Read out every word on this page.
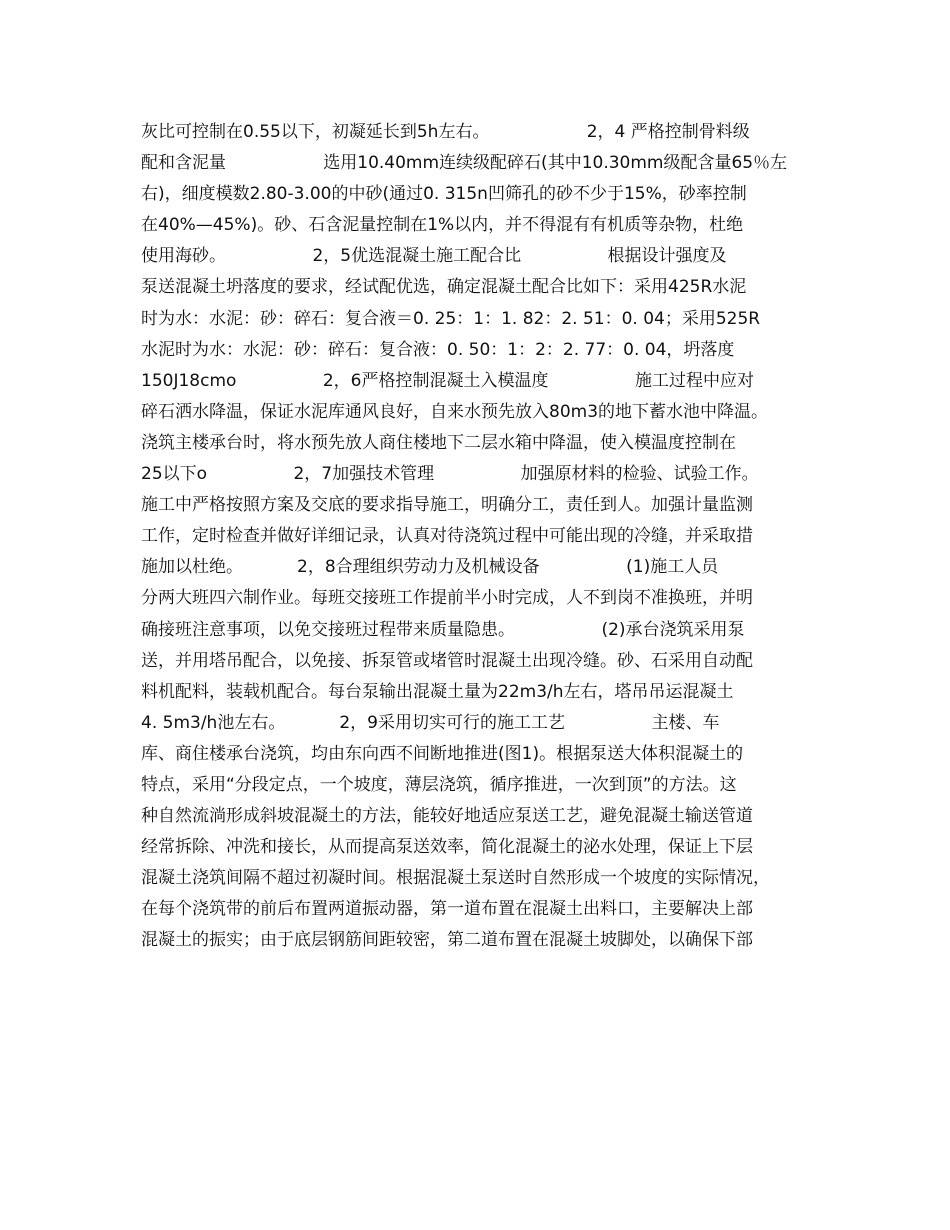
灰比可控制在0.55以下，初凝延长到5h左右。                  2，4 严格控制骨料级
配和含泥量                  选用10.40mm连续级配碎石(其中10.30mm级配含量65％左
右)，细度模数2.80-3.00的中砂(通过0. 315n凹筛孔的砂不少于15%，砂率控制
在40%—45%)。砂、石含泥量控制在1%以内，并不得混有有机质等杂物，杜绝
使用海砂。                2，5优选混凝土施工配合比                根据设计强度及
泵送混凝土坍落度的要求，经试配优选，确定混凝土配合比如下：采用425R水泥
时为水：水泥：砂：碎石：复合液＝0. 25：1：1. 82：2. 51：0. 04；采用525R
水泥时为水：水泥：砂：碎石：复合液：0. 50：1：2：2. 77：0. 04，坍落度
150J18cmo                2，6严格控制混凝土入模温度                施工过程中应对
碎石洒水降温，保证水泥库通风良好，自来水预先放入80m3的地下蓄水池中降温。
浇筑主楼承台时，将水预先放人商住楼地下二层水箱中降温，使入模温度控制在
25以下o                2，7加强技术管理                加强原材料的检验、试验工作。
施工中严格按照方案及交底的要求指导施工，明确分工，责任到人。加强计量监测
工作，定时检查并做好详细记录，认真对待浇筑过程中可能出现的冷缝，并采取措
施加以杜绝。          2，8合理组织劳动力及机械设备                (1)施工人员
分两大班四六制作业。每班交接班工作提前半小时完成，人不到岗不准换班，并明
确接班注意事项，以免交接班过程带来质量隐患。                (2)承台浇筑采用泵
送，并用塔吊配合，以免接、拆泵管或堵管时混凝土出现冷缝。砂、石采用自动配
料机配料，装载机配合。每台泵输出混凝土量为22m3/h左右，塔吊吊运混凝土
4. 5m3/h池左右。          2，9采用切实可行的施工工艺                主楼、车
库、商住楼承台浇筑，均由东向西不间断地推进(图1)。根据泵送大体积混凝土的
特点，采用“分段定点，一个坡度，薄层浇筑，循序推进，一次到顶”的方法。这
种自然流淌形成斜坡混凝土的方法，能较好地适应泵送工艺，避免混凝土输送管道
经常拆除、冲洗和接长，从而提高泵送效率，简化混凝土的泌水处理，保证上下层
混凝土浇筑间隔不超过初凝时间。根据混凝土泵送时自然形成一个坡度的实际情况，
在每个浇筑带的前后布置两道振动器，第一道布置在混凝土出料口，主要解决上部
混凝土的振实；由于底层钢筋间距较密，第二道布置在混凝土坡脚处，以确保下部
